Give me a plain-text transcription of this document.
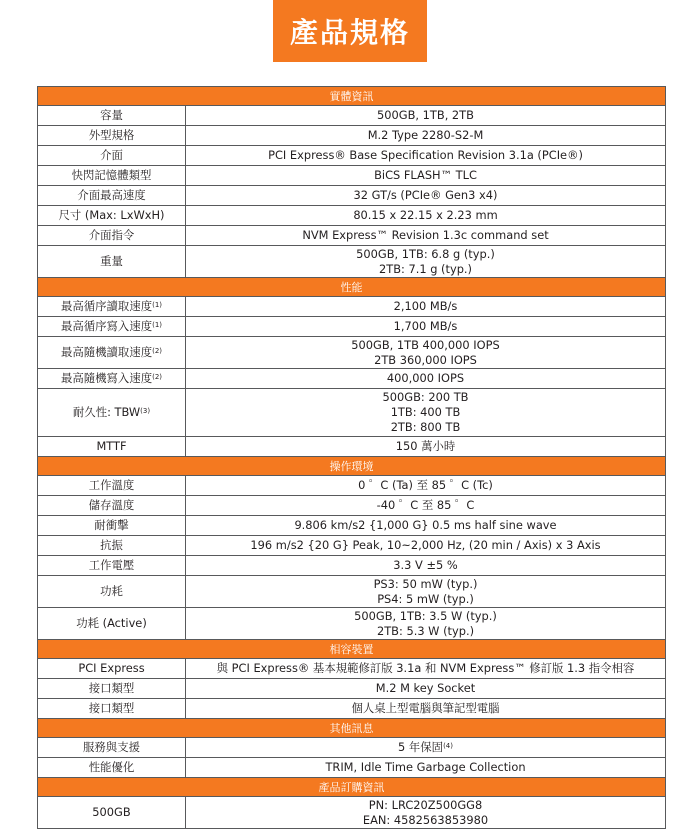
產品規格
實體資訊	
容量	500GB, 1TB, 2TB

外型規格	M.2 Type 2280-S2-M

介面	PCI Express® Base Specification Revision 3.1a (PCIe®)

快閃記憶體類型	BiCS FLASH™ TLC

介面最高速度	32 GT/s (PCIe® Gen3 x4)

尺寸 (Max: LxWxH)	80.15 x 22.15 x 2.23 mm

介面指令	NVM Express™ Revision 1.3c command set

重量	500GB, 1TB: 6.8 g (typ.)
2TB: 7.1 g (typ.)

性能	
最高循序讀取速度$^{(1)}$	2,100 MB/s

最高循序寫入速度$^{(1)}$	1,700 MB/s

最高隨機讀取速度$^{(2)}$	500GB, 1TB 400,000 IOPS
2TB 360,000 IOPS

最高隨機寫入速度$^{(2)}$	400,000 IOPS

耐久性: TBW$^{(3)}$	500GB: 200 TB
1TB: 400 TB
2TB: 800 TB

MTTF	150 萬小時

操作環境	
工作溫度	0 ゜C (Ta) 至 85 ゜C (Tc)

儲存溫度	-40 ゜C 至 85 ゜C

耐衝擊	9.806 km/s2 {1,000 G} 0.5 ms half sine wave

抗振	196 m/s2 {20 G} Peak, 10~2,000 Hz, (20 min / Axis) x 3 Axis

工作電壓	3.3 V ±5 %

功耗	PS3: 50 mW (typ.)
PS4: 5 mW (typ.)

功耗 (Active)	500GB, 1TB: 3.5 W (typ.)
2TB: 5.3 W (typ.)

相容裝置	
PCI Express	與 PCI Express® 基本規範修訂版 3.1a 和 NVM Express™ 修訂版 1.3 指令相容

接口類型	M.2 M key Socket

接口類型	個人桌上型電腦與筆記型電腦

其他訊息	
服務與支援	5 年保固$^{(4)}$

性能優化	TRIM, Idle Time Garbage Collection

產品訂購資訊	
500GB	PN: LRC20Z500GG8
EAN: 4582563853980
